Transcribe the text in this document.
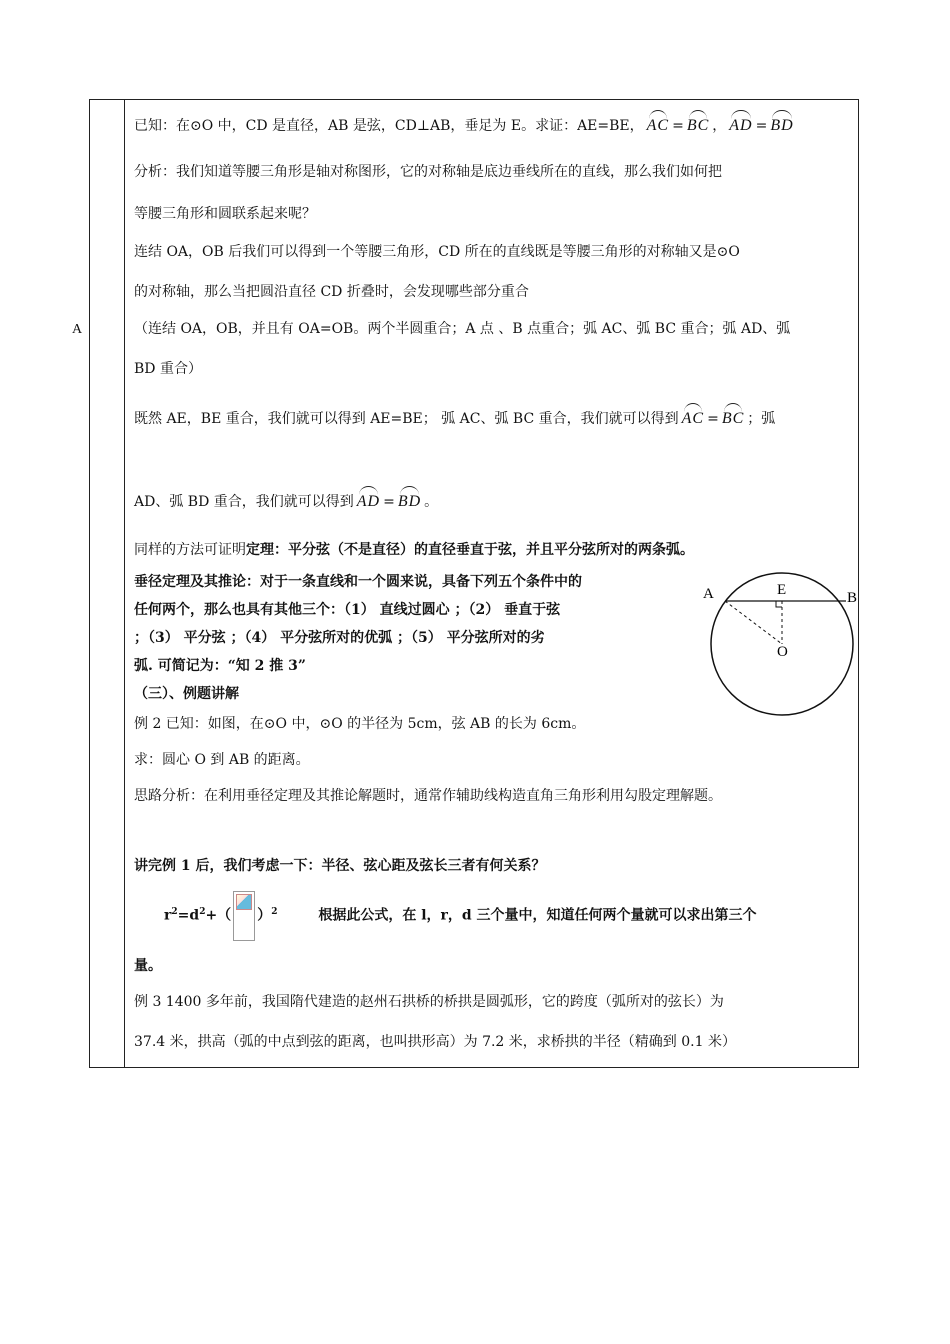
A
已知：在⊙O 中，CD 是直径，AB 是弦，CD⊥AB，垂足为 E。求证：AE=BE， AC = BC ， AD = BD
分析：我们知道等腰三角形是轴对称图形，它的对称轴是底边垂线所在的直线，那么我们如何把
等腰三角形和圆联系起来呢？
连结 OA，OB 后我们可以得到一个等腰三角形，CD 所在的直线既是等腰三角形的对称轴又是⊙O
的对称轴，那么当把圆沿直径 CD 折叠时，会发现哪些部分重合
（连结 OA，OB，并且有 OA=OB。两个半圆重合；A 点 、B 点重合；弧 AC、弧 BC 重合；弧 AD、弧
BD 重合）
既然 AE，BE 重合，我们就可以得到 AE=BE； 弧 AC、弧 BC 重合，我们就可以得到 AC = BC ；弧
AD、弧 BD 重合，我们就可以得到 AD = BD 。
同样的方法可证明定理：平分弦（不是直径）的直径垂直于弦，并且平分弦所对的两条弧。
垂径定理及其推论：对于一条直线和一个圆来说，具备下列五个条件中的
任何两个，那么也具有其他三个：（1） 直线过圆心 ；（2） 垂直于弦
；（3） 平分弦 ；（4） 平分弦所对的优弧 ；（5） 平分弦所对的劣
弧. 可简记为：“知 2 推 3”
（三）、例题讲解
例 2 已知：如图，在⊙O 中，⊙O 的半径为 5cm，弦 AB 的长为 6cm。
求：圆心 O 到 AB 的距离。
思路分析：在利用垂径定理及其推论解题时，通常作辅助线构造直角三角形利用勾股定理解题。
讲完例 1 后，我们考虑一下：半径、弦心距及弦长三者有何关系？
$r^2=d^2+$（ ）$^2$	根据此公式，在 l，r，d 三个量中，知道任何两个量就可以求出第三个
量。
例 3 1400 多年前，我国隋代建造的赵州石拱桥的桥拱是圆弧形，它的跨度（弧所对的弦长）为
37.4 米，拱高（弧的中点到弦的距离，也叫拱形高）为 7.2 米，求桥拱的半径（精确到 0.1 米）
A	B
E
O
